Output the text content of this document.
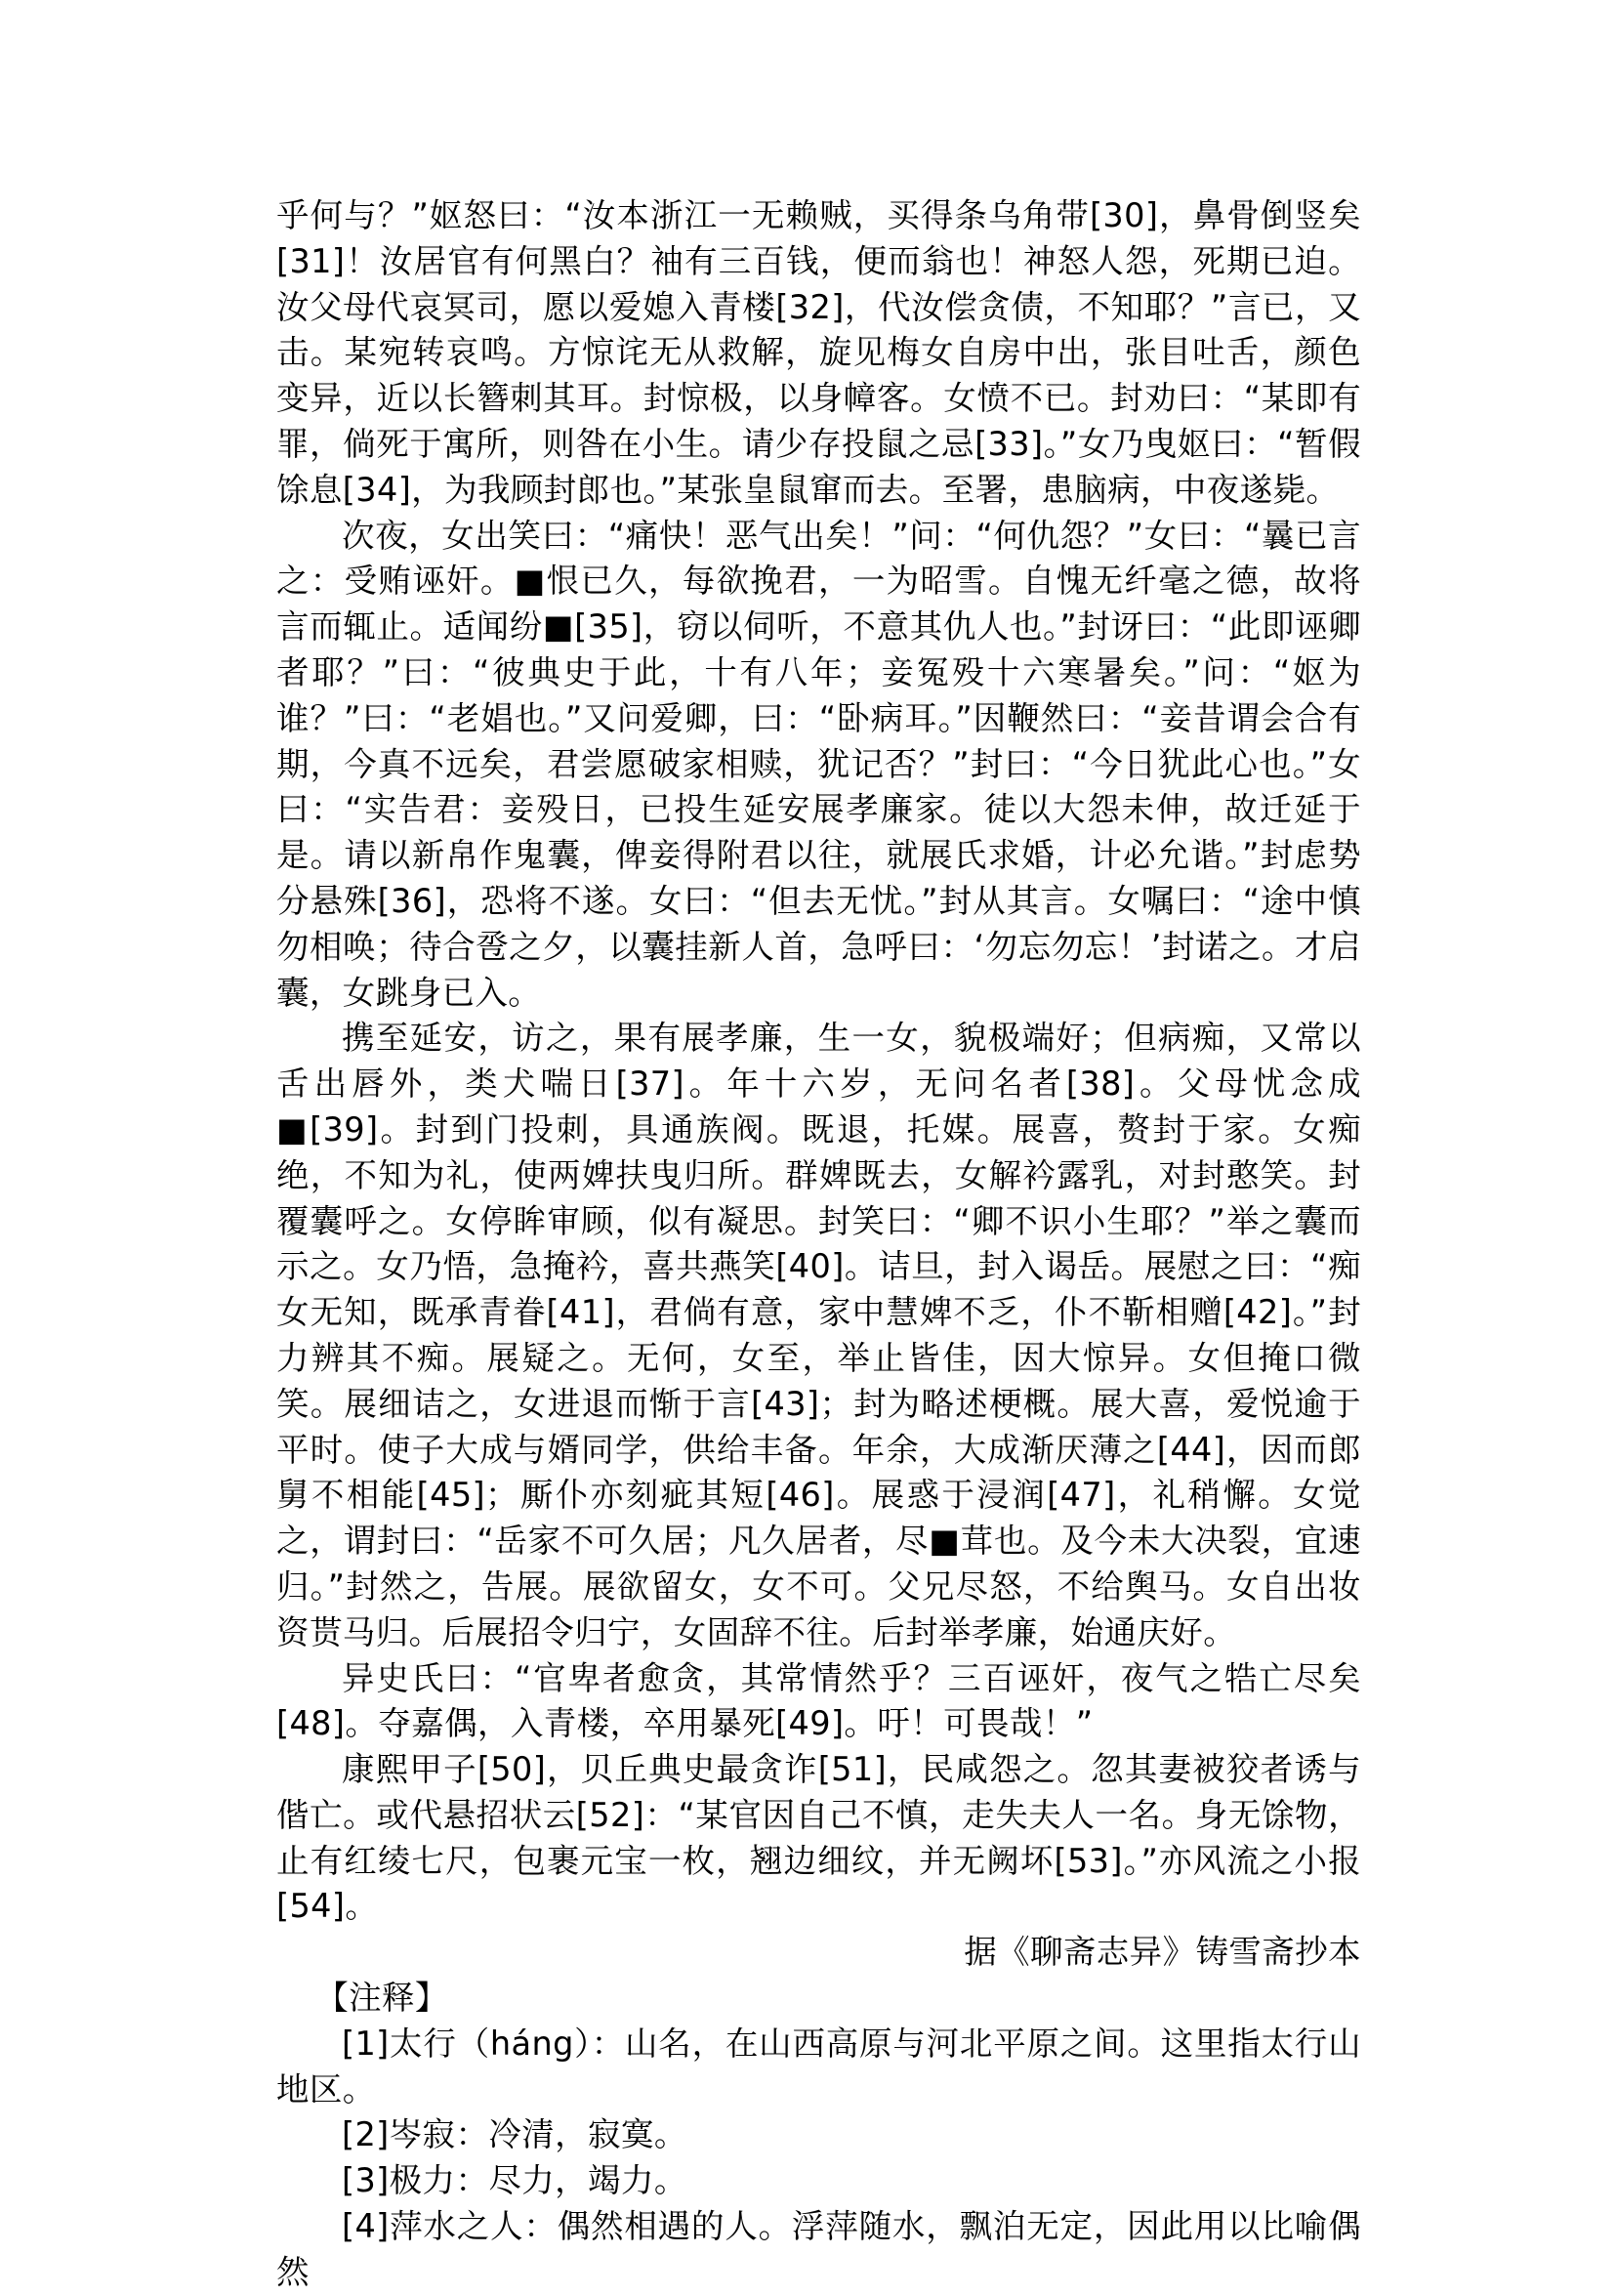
乎何与？”妪怒曰：“汝本浙江一无赖贼，买得条乌角带[30]，鼻骨倒竖矣[31]！汝居官有何黑白？袖有三百钱，便而翁也！神怒人怨，死期已迫。汝父母代哀冥司，愿以爱媳入青楼[32]，代汝偿贪债，不知耶？”言已，又击。某宛转哀鸣。方惊诧无从救解，旋见梅女自房中出，张目吐舌，颜色变异，近以长簪刺其耳。封惊极，以身幛客。女愤不已。封劝曰：“某即有罪，倘死于寓所，则咎在小生。请少存投鼠之忌[33]。”女乃曳妪曰：“暂假馀息[34]，为我顾封郎也。”某张皇鼠窜而去。至署，患脑病，中夜遂毙。

次夜，女出笑曰：“痛快！恶气出矣！”问：“何仇怨？”女曰：“曩已言之：受贿诬奸。■恨已久，每欲挽君，一为昭雪。自愧无纤毫之德，故将言而辄止。适闻纷■[35]，窃以伺听，不意其仇人也。”封讶曰：“此即诬卿者耶？”曰：“彼典史于此，十有八年；妾冤殁十六寒暑矣。”问：“妪为谁？”曰：“老娼也。”又问爱卿，曰：“卧病耳。”因鞭然曰：“妾昔谓会合有期，今真不远矣，君尝愿破家相赎，犹记否？”封曰：“今日犹此心也。”女曰：“实告君：妾殁日，已投生延安展孝廉家。徒以大怨未伸，故迁延于是。请以新帛作鬼囊，俾妾得附君以往，就展氏求婚，计必允谐。”封虑势分悬殊[36]，恐将不遂。女曰：“但去无忧。”封从其言。女嘱曰：“途中慎勿相唤；待合卺之夕，以囊挂新人首，急呼曰：‘勿忘勿忘！’封诺之。才启囊，女跳身已入。

携至延安，访之，果有展孝廉，生一女，貌极端好；但病痴，又常以舌出唇外，类犬喘日[37]。年十六岁，无问名者[38]。父母忧念成■[39]。封到门投刺，具通族阀。既退，托媒。展喜，赘封于家。女痴绝，不知为礼，使两婢扶曳归所。群婢既去，女解衿露乳，对封憨笑。封覆囊呼之。女停眸审顾，似有凝思。封笑曰：“卿不识小生耶？”举之囊而示之。女乃悟，急掩衿，喜共燕笑[40]。诘旦，封入谒岳。展慰之曰：“痴女无知，既承青眷[41]，君倘有意，家中慧婢不乏，仆不靳相赠[42]。”封力辨其不痴。展疑之。无何，女至，举止皆佳，因大惊异。女但掩口微笑。展细诘之，女进退而惭于言[43]；封为略述梗概。展大喜，爱悦逾于平时。使子大成与婿同学，供给丰备。年余，大成渐厌薄之[44]，因而郎舅不相能[45]；厮仆亦刻疵其短[46]。展惑于浸润[47]，礼稍懈。女觉之，谓封曰：“岳家不可久居；凡久居者，尽■茸也。及今未大决裂，宜速归。”封然之，告展。展欲留女，女不可。父兄尽怒，不给舆马。女自出妆资贳马归。后展招令归宁，女固辞不往。后封举孝廉，始通庆好。

异史氏曰：“官卑者愈贪，其常情然乎？三百诬奸，夜气之牿亡尽矣[48]。夺嘉偶，入青楼，卒用暴死[49]。吁！可畏哉！”

康熙甲子[50]，贝丘典史最贪诈[51]，民咸怨之。忽其妻被狡者诱与偕亡。或代悬招状云[52]：“某官因自己不慎，走失夫人一名。身无馀物，止有红绫七尺，包裹元宝一枚，翘边细纹，并无阙坏[53]。”亦风流之小报[54]。

据《聊斋志异》铸雪斋抄本

【注释】

[1]太行（háng）：山名，在山西高原与河北平原之间。这里指太行山地区。

[2]岑寂：冷清，寂寞。

[3]极力：尽力，竭力。

[4]萍水之人：偶然相遇的人。浮萍随水，飘泊无定，因此用以比喻偶然
